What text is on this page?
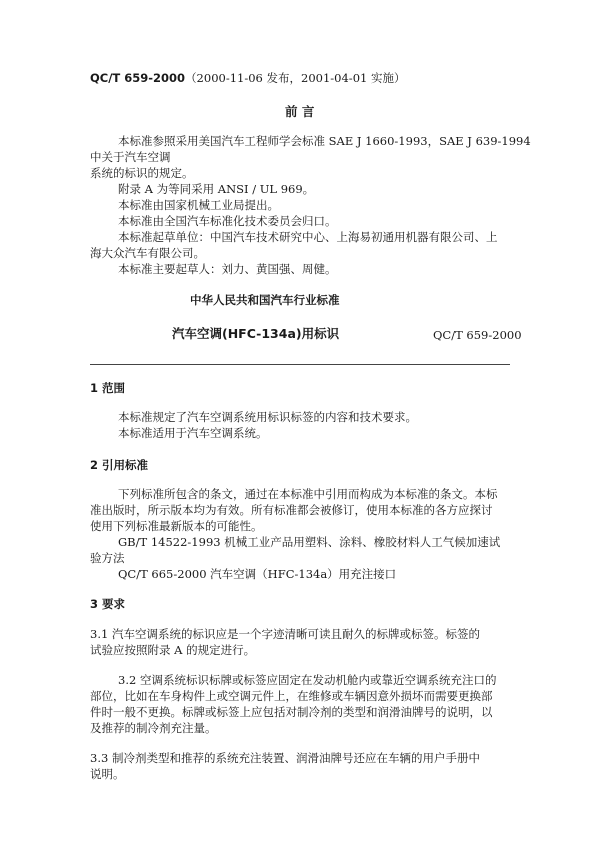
QC/T 659-2000（2000-11-06 发布，2001-04-01 实施）
前 言
本标准参照采用美国汽车工程师学会标准 SAE J 1660-1993，SAE J 639-1994
中关于汽车空调
系统的标识的规定。
附录 A 为等同采用 ANSI / UL 969。
本标准由国家机械工业局提出。
本标准由全国汽车标准化技术委员会归口。
本标准起草单位：中国汽车技术研究中心、上海易初通用机器有限公司、上
海大众汽车有限公司。
本标准主要起草人：刘力、黄国强、周健。
中华人民共和国汽车行业标准
汽车空调(HFC-134a)用标识	QC/T 659-2000
1 范围
本标准规定了汽车空调系统用标识标签的内容和技术要求。
本标准适用于汽车空调系统。
2 引用标准
下列标准所包含的条文，通过在本标准中引用而构成为本标准的条文。本标
准出版时，所示版本均为有效。所有标准都会被修订，使用本标准的各方应探讨
使用下列标准最新版本的可能性。
GB/T 14522-1993 机械工业产品用塑料、涂料、橡胶材料人工气候加速试
验方法
QC/T 665-2000 汽车空调（HFC-134a）用充注接口
3 要求
3.1 汽车空调系统的标识应是一个字迹清晰可读且耐久的标牌或标签。标签的
试验应按照附录 A 的规定进行。
3.2 空调系统标识标牌或标签应固定在发动机舱内或靠近空调系统充注口的
部位，比如在车身构件上或空调元件上，在维修或车辆因意外损坏而需要更换部
件时一般不更换。标牌或标签上应包括对制冷剂的类型和润滑油牌号的说明，以
及推荐的制冷剂充注量。
3.3 制冷剂类型和推荐的系统充注装置、润滑油牌号还应在车辆的用户手册中
说明。
